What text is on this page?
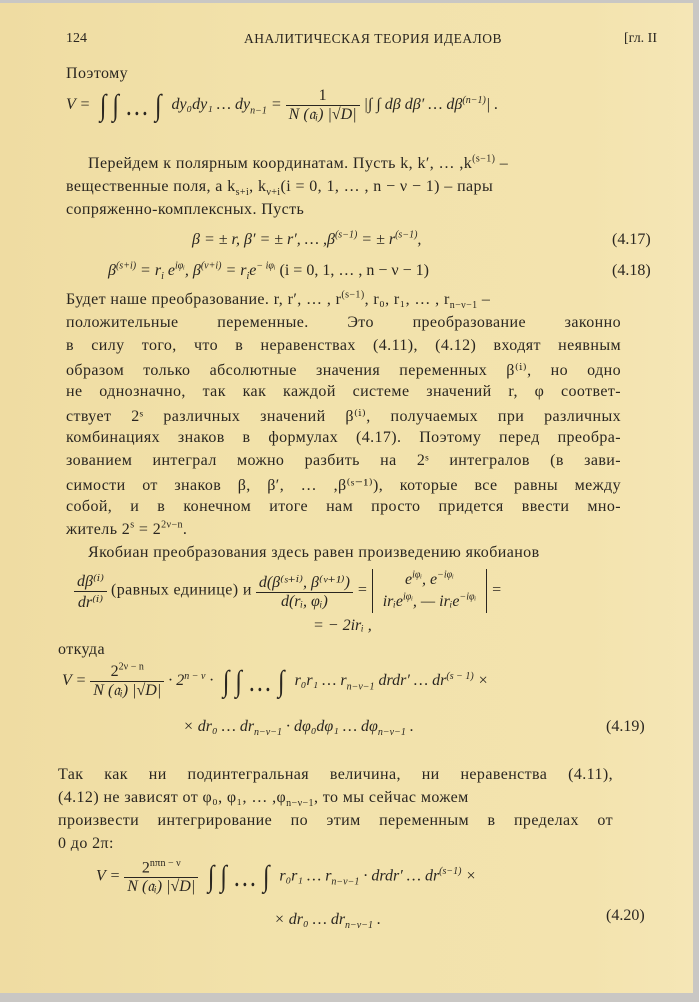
124	АНАЛИТИЧЕСКАЯ ТЕОРИЯ ИДЕАЛОВ	[гл. II
Поэтому
V = ∫ ∫ … ∫ dy₀dy₁ … $dy_{n-1} = \frac{1}{\text{N (𝔞ᵢ) |√D|}}$ |∫ ∫ dβ dβ′ … $d\beta^{(n-1)}|$ .
Перейдем к полярным координатам. Пусть k, k′, … $,k^{(s-1)}$ –
вещественные поля, а $k_{s+i}$, $k_{\nu+i}(i = 0$, 1, … , n − ν − 1) – пары
сопряженно-комплексных. Пусть
β = ± r, β′ = ± r′, … $,\beta^{(s-1)}$ = ± $r^{(s-1)}$,	(4.17)
$\beta^{(s+i)} = r_i$ $e^{i\varphi ᵢ}$, $\beta^{(\nu+i)} = r_ie^{- i\varphi ᵢ}$ (i = 0, 1, … , n − ν − 1)	(4.18)
Будет наше преобразование. r, r′, … , $r^{(s-1)}$, r₀, r₁, … , $r_{n-\nu-1}$ –
положительные переменные. Это преобразование законно
в силу того, что в неравенствах (4.11), (4.12) входят неявным
образом только абсолютные значения переменных β⁽ⁱ⁾, но одно
не однозначно, так как каждой системе значений r, φ соответ-
ствует 2ˢ различных значений β⁽ⁱ⁾, получаемых при различных
комбинациях знаков в формулах (4.17). Поэтому перед преобра-
зованием интеграл можно разбить на 2ˢ интегралов (в зави-
симости от знаков β, β′, … ,β⁽ˢ⁻¹⁾), которые все равны между
собой, и в конечном итоге нам просто придется ввести мно-
житель $2^s = 2^{2\nu-n}$.
Якобиан преобразования здесь равен произведению якобианов
$\frac{\text{dβ⁽ⁱ⁾}}{\text{dr⁽ⁱ⁾}}$ (равных единице) и $\frac{\text{d(β⁽ˢ⁺ⁱ⁾, β⁽ᵛ⁺¹⁾)}}{\text{d(rᵢ, φᵢ)}}$ =
$e^{i\varphi ᵢ}$, $e^{-i\varphi ᵢ}$
irᵢe$^{i\varphi ᵢ}$, — irᵢe$^{-i\varphi ᵢ}$ =
= − 2irᵢ ,
откуда
$V = \frac{2^{2\nu - n}}{\text{N (𝔞ᵢ) |√D|}} \cdot 2^{n - \nu}$ · ∫ ∫ … ∫ r₀r₁ … $r_{n-\nu-1}$ drdr′ … $dr^{(s - 1)}$ ×
× dr₀ … $dr_{n-\nu-1} \cdot d\varphi_0d\varphi_1$ … $d\varphi_{n-\nu-1}$ .	(4.19)
Так как ни подинтегральная величина, ни неравенства (4.11),
(4.12) не зависят от φ₀, φ₁, … $,\varphi_{n-\nu-1}$, то мы сейчас можем
произвести интегрирование по этим переменным в пределах от
0 до 2π:
$V = \frac{2^{n\pi n - \nu}}{\text{N (𝔞ᵢ) |√D|}}$ ∫ ∫ … ∫ r₀r₁ … $r_{n-\nu-1}$ · drdr′ … $dr^{(s-1)}$ ×
× dr₀ … $dr_{n-\nu-1}$ .	(4.20)
